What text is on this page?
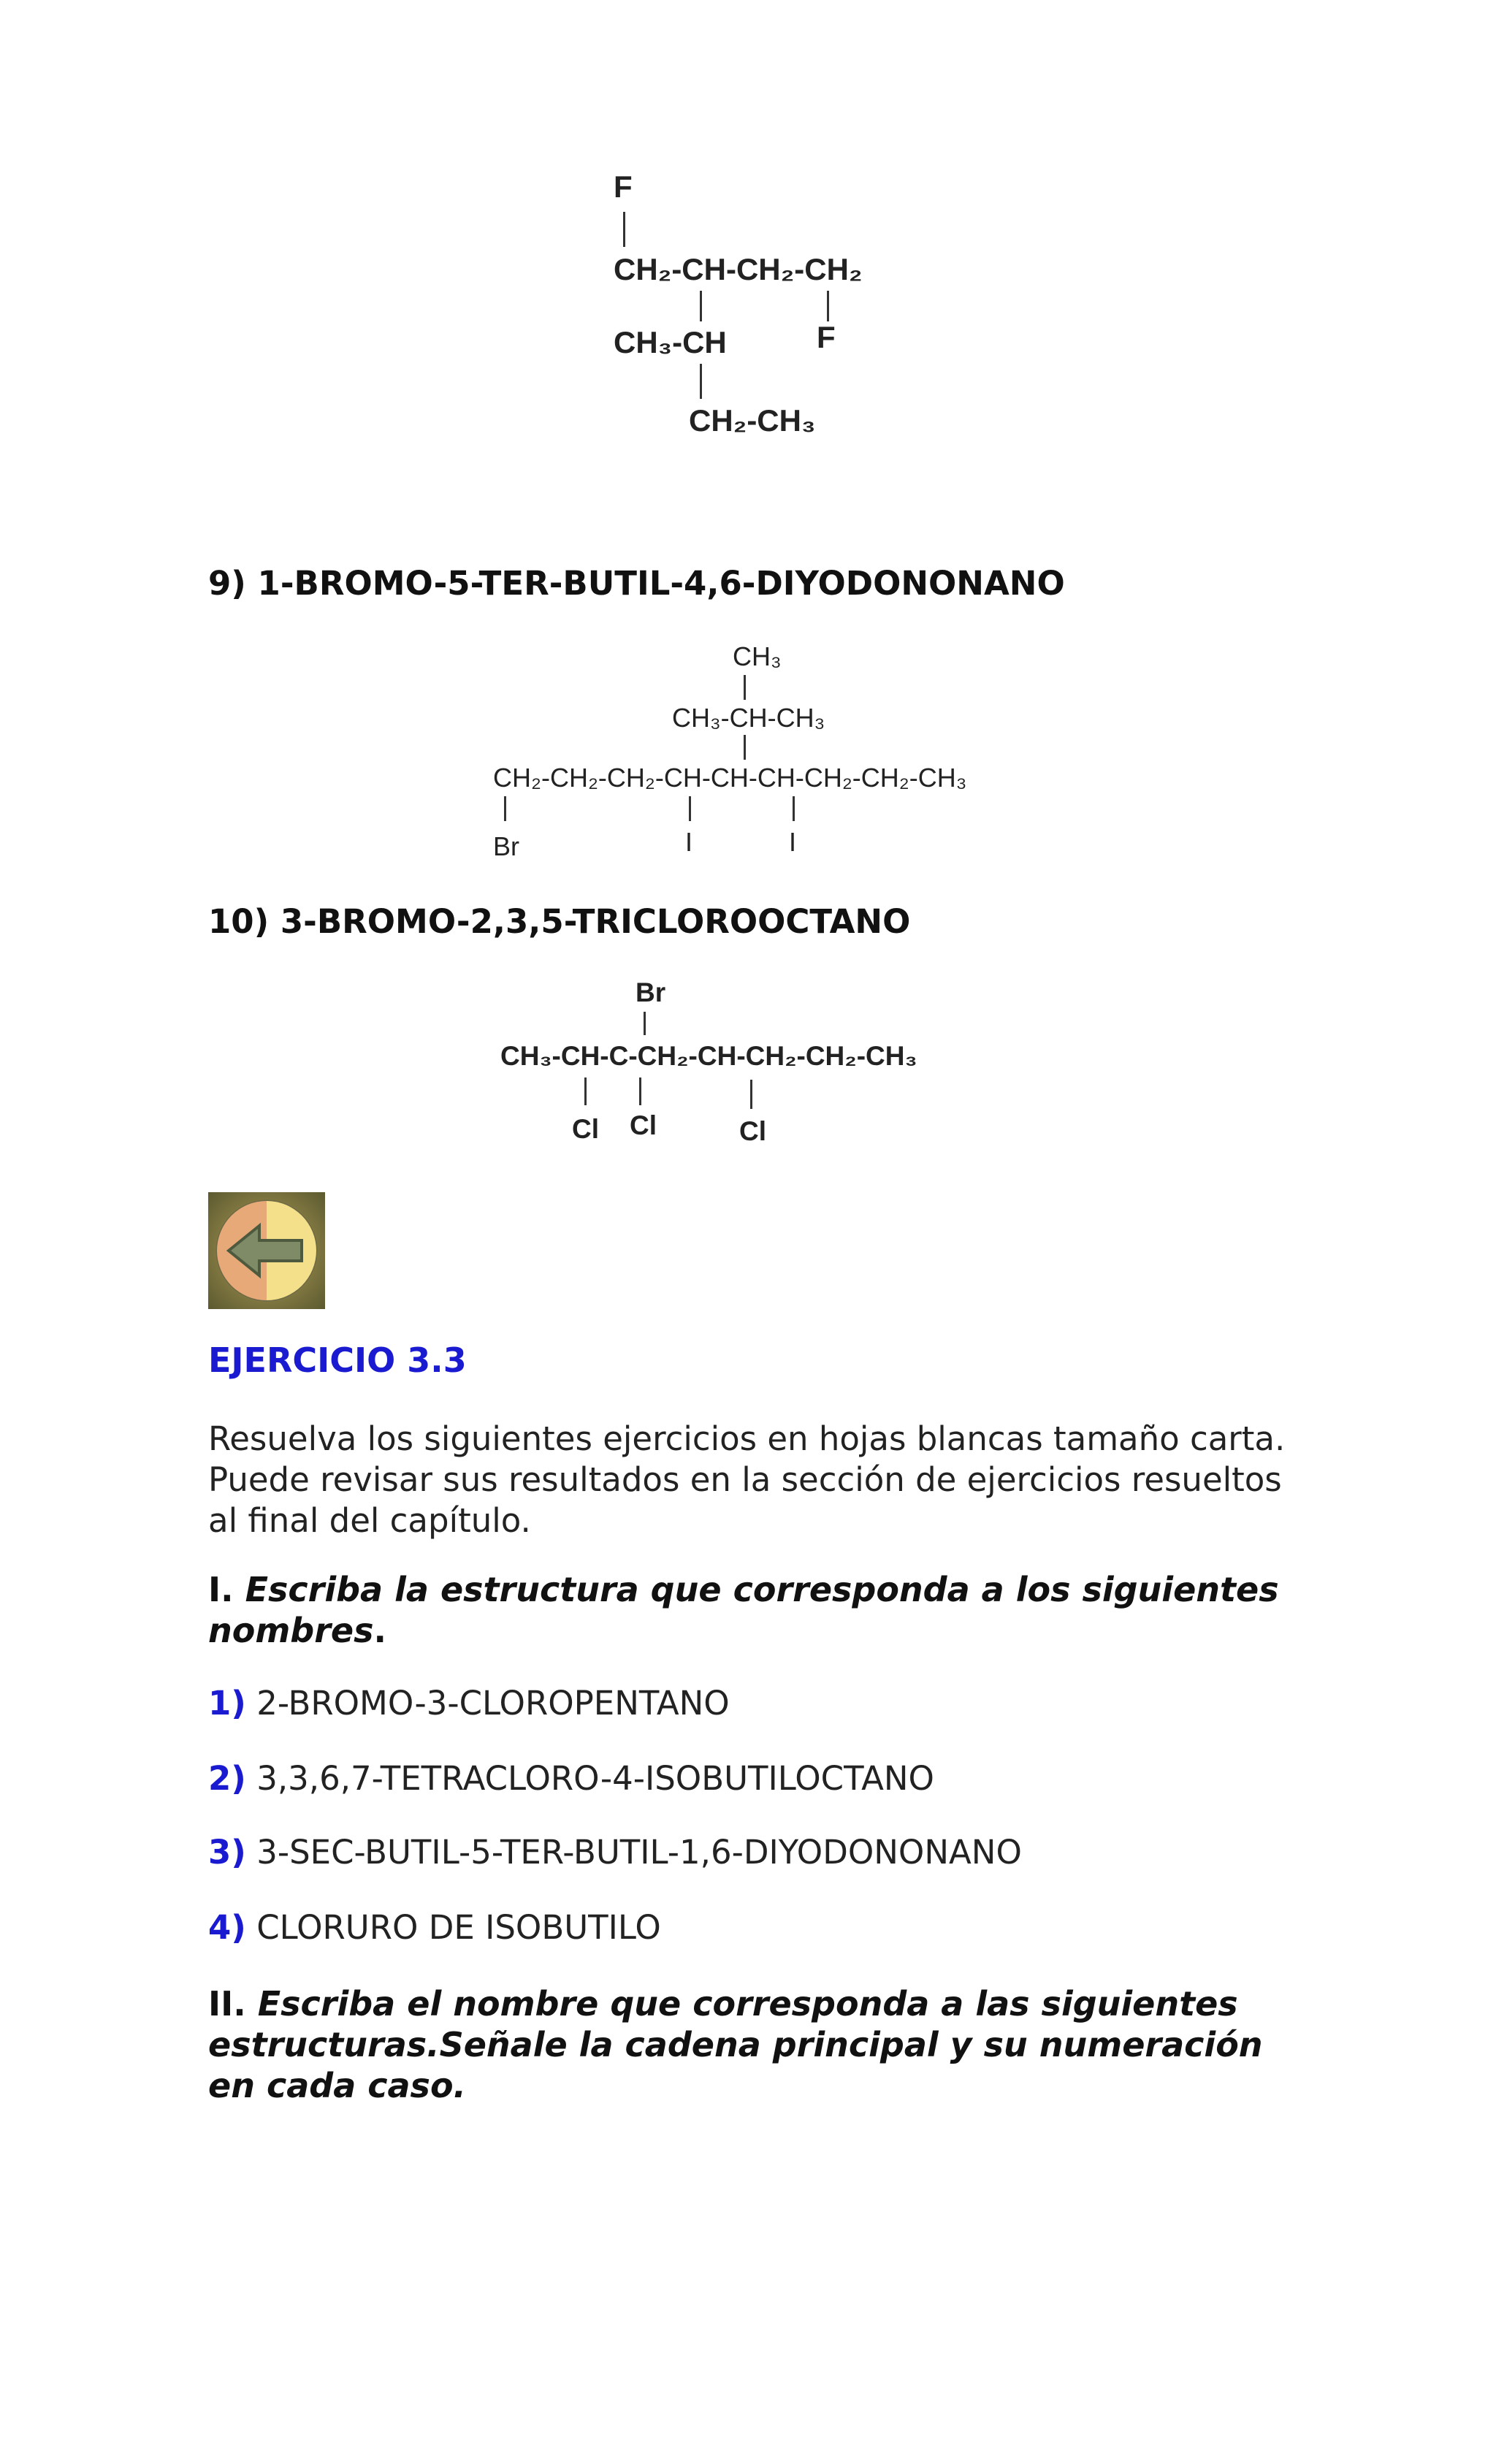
F
CH₂-CH-CH₂-CH₂
CH₃-CH	F
CH₂-CH₃
9) 1-BROMO-5-TER-BUTIL-4,6-DIYODONONANO
CH₃
CH₃-CH-CH₃
CH₂-CH₂-CH₂-CH-CH-CH-CH₂-CH₂-CH₃
Br	I	I
10) 3-BROMO-2,3,5-TRICLOROOCTANO
Br
CH₃-CH-C-CH₂-CH-CH₂-CH₂-CH₃
Cl Cl	Cl
EJERCICIO 3.3
Resuelva los siguientes ejercicios en hojas blancas tamaño carta. Puede revisar sus resultados en la sección de ejercicios resueltos al final del capítulo.
I. Escriba la estructura que corresponda a los siguientes nombres.
1) 2-BROMO-3-CLOROPENTANO
2) 3,3,6,7-TETRACLORO-4-ISOBUTILOCTANO
3) 3-SEC-BUTIL-5-TER-BUTIL-1,6-DIYODONONANO
4) CLORURO DE ISOBUTILO
II. Escriba el nombre que corresponda a las siguientes estructuras.Señale la cadena principal y su numeración en cada caso.
